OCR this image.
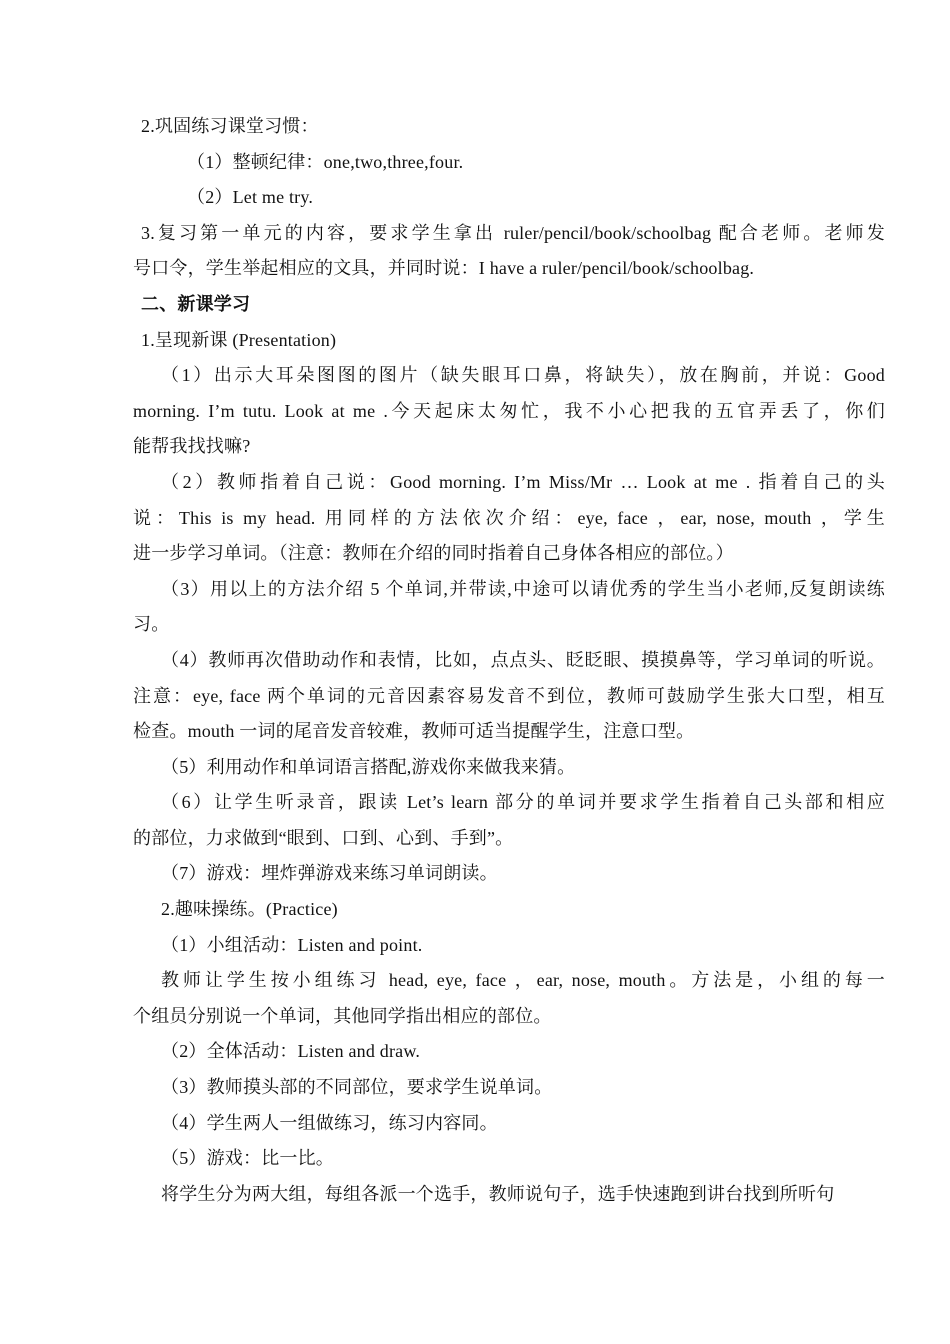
2.巩固练习课堂习惯：
（1）整顿纪律：one,two,three,four.
（2）Let me try.
3.复习第一单元的内容，要求学生拿出 ruler/pencil/book/schoolbag 配合老师。老师发
号口令，学生举起相应的文具，并同时说：I have a ruler/pencil/book/schoolbag.
二、新课学习
1.呈现新课 (Presentation)
（1）出示大耳朵图图的图片（缺失眼耳口鼻，将缺失），放在胸前，并说：Good
morning. I’m tutu. Look at me .今天起床太匆忙，我不小心把我的五官弄丢了，你们
能帮我找找嘛?
（2）教师指着自己说：Good morning. I’m Miss/Mr … Look at me . 指着自己的头
说：This is my head. 用同样的方法依次介绍：eye, face ，ear, nose, mouth ，学生
进一步学习单词。（注意：教师在介绍的同时指着自己身体各相应的部位。）
（3）用以上的方法介绍 5 个单词,并带读,中途可以请优秀的学生当小老师,反复朗读练
习。
（4）教师再次借助动作和表情，比如，点点头、眨眨眼、摸摸鼻等，学习单词的听说。
注意：eye, face 两个单词的元音因素容易发音不到位，教师可鼓励学生张大口型，相互
检查。mouth 一词的尾音发音较难，教师可适当提醒学生，注意口型。
（5）利用动作和单词语言搭配,游戏你来做我来猜。
（6）让学生听录音，跟读 Let’s learn 部分的单词并要求学生指着自己头部和相应
的部位，力求做到“眼到、口到、心到、手到”。
（7）游戏：埋炸弹游戏来练习单词朗读。
2.趣味操练。(Practice)
（1）小组活动：Listen and point.
教师让学生按小组练习 head, eye, face ，ear, nose, mouth。方法是，小组的每一
个组员分别说一个单词，其他同学指出相应的部位。
（2）全体活动：Listen and draw.
（3）教师摸头部的不同部位，要求学生说单词。
（4）学生两人一组做练习，练习内容同。
（5）游戏：比一比。
将学生分为两大组，每组各派一个选手，教师说句子，选手快速跑到讲台找到所听句
